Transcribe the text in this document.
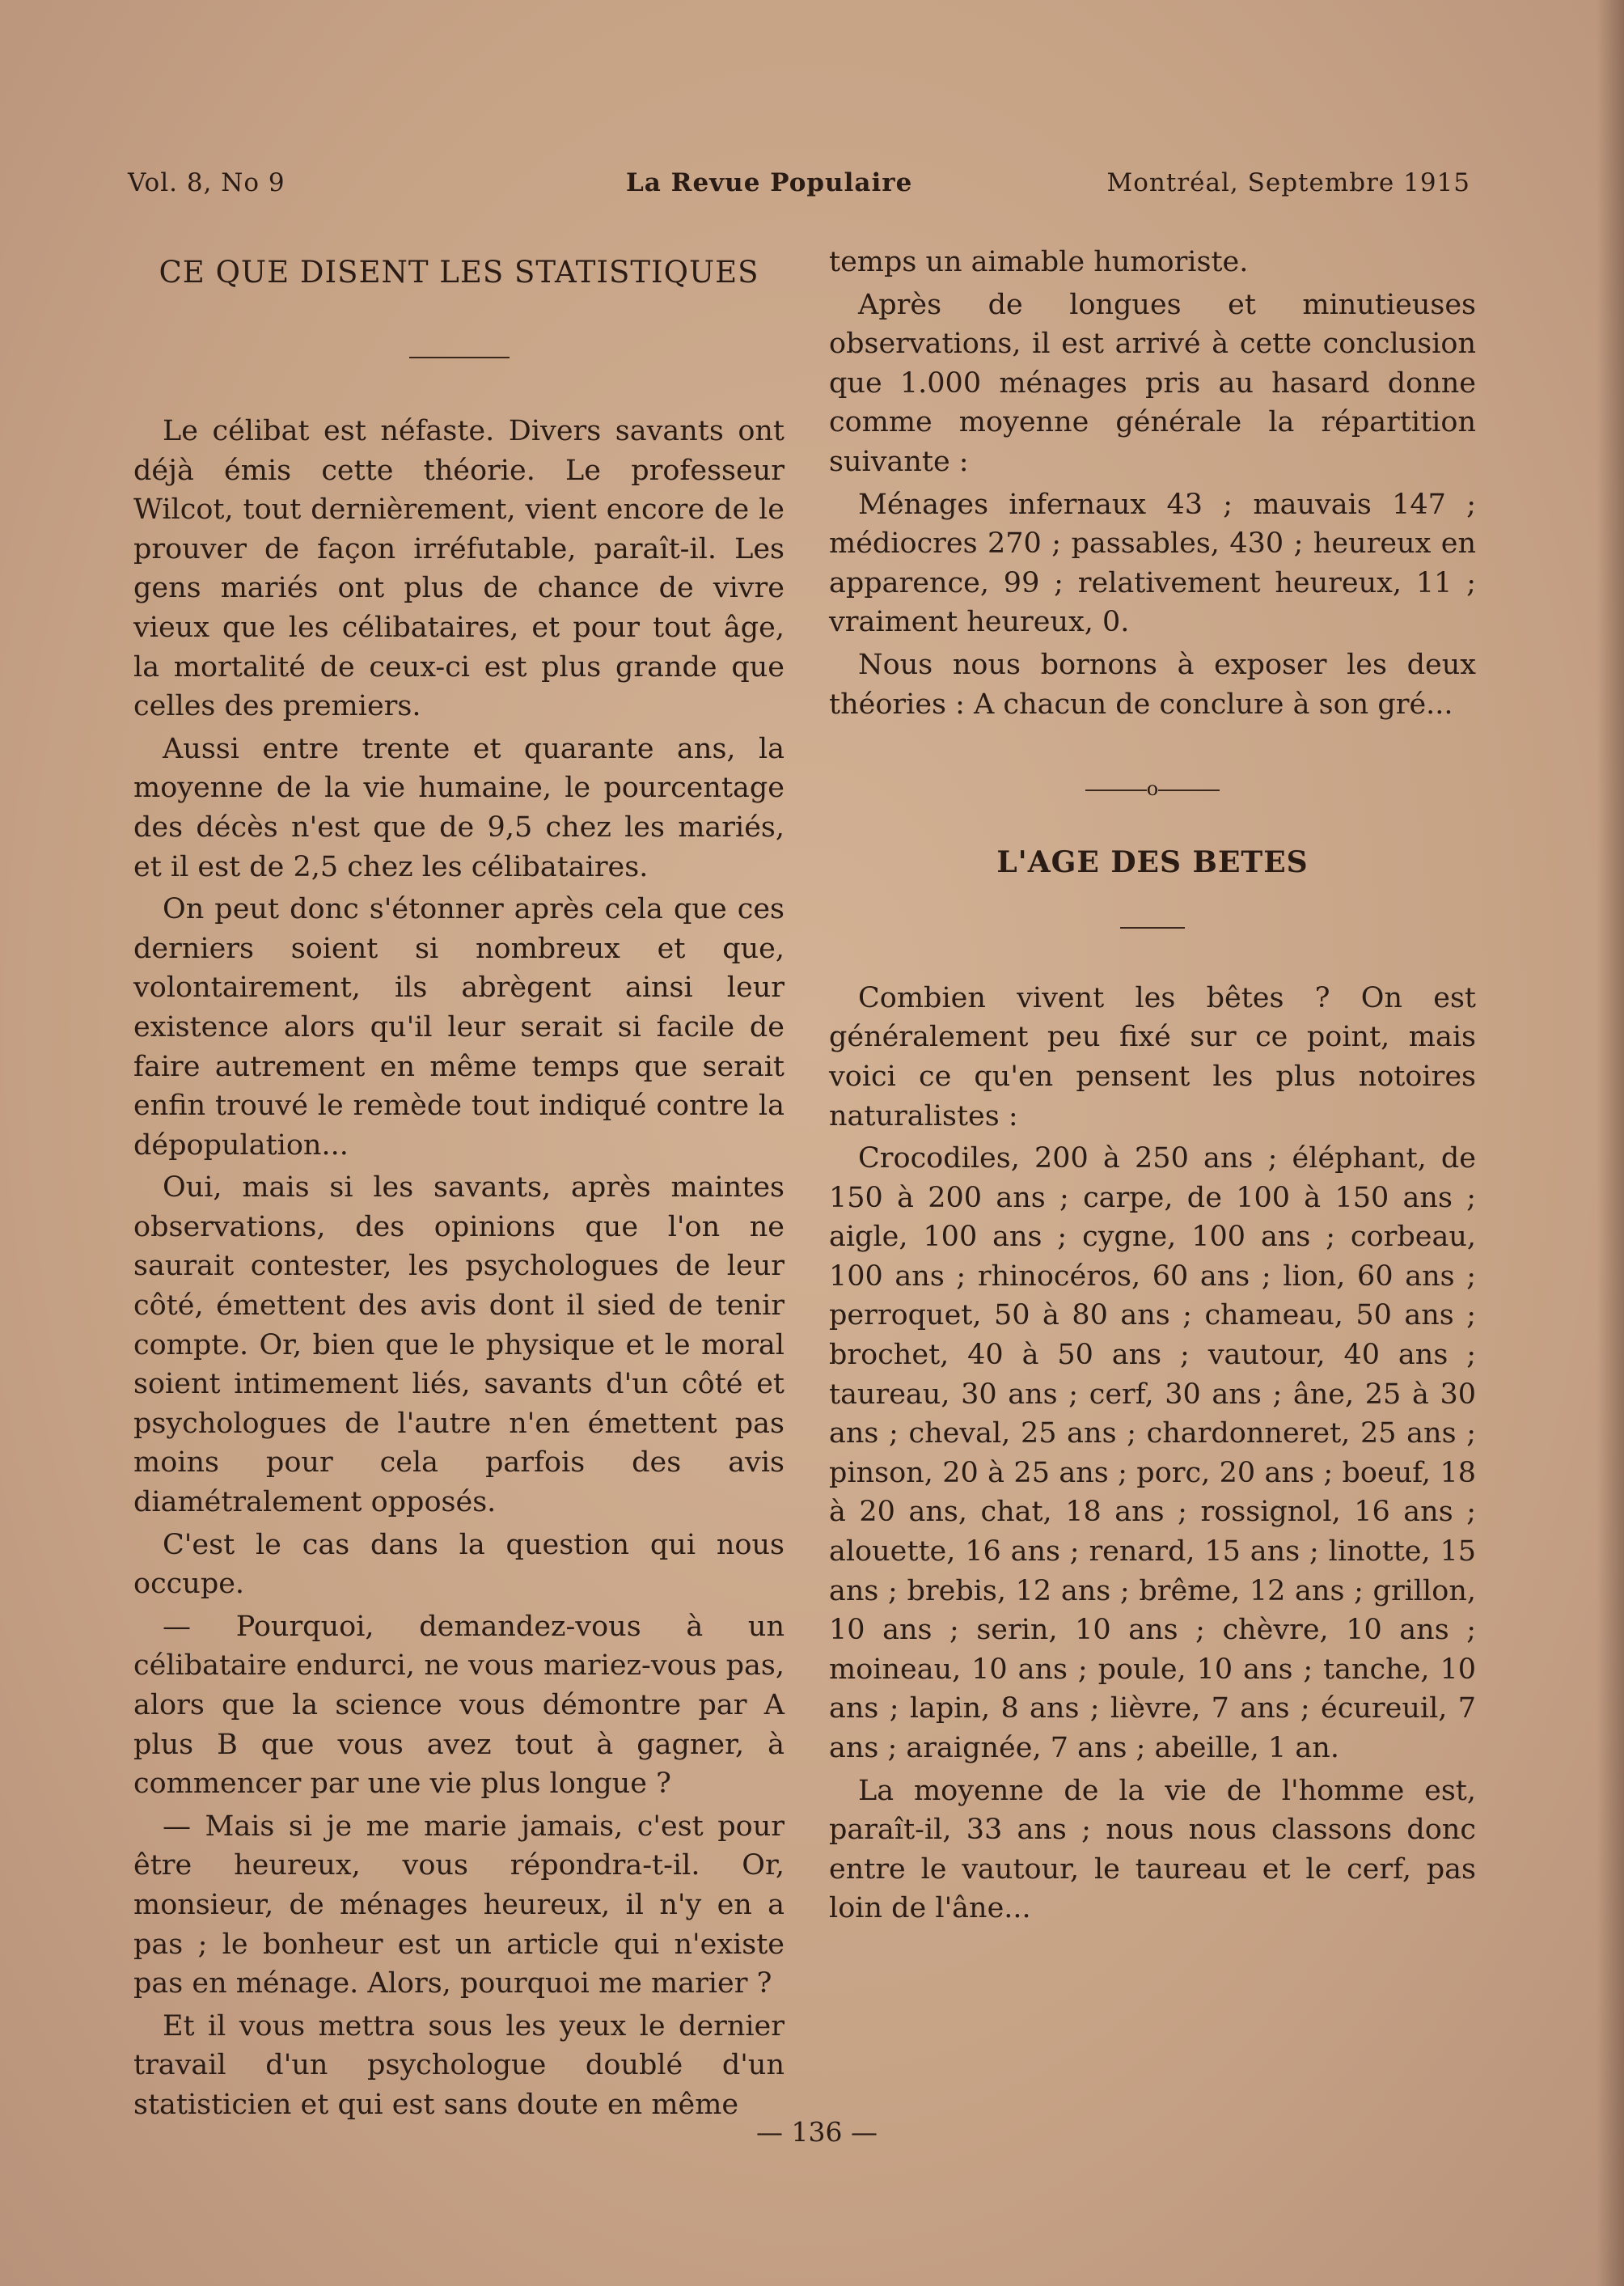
Vol. 8, No 9	La Revue Populaire	Montréal, Septembre 1915
CE QUE DISENT LES STATISTIQUES

Le célibat est néfaste. Divers savants ont déjà émis cette théorie. Le professeur Wilcot, tout dernièrement, vient encore de le prouver de façon irréfutable, paraît-il. Les gens mariés ont plus de chance de vivre vieux que les célibataires, et pour tout âge, la mortalité de ceux-ci est plus grande que celles des premiers.

Aussi entre trente et quarante ans, la moyenne de la vie humaine, le pourcentage des décès n'est que de 9,5 chez les mariés, et il est de 2,5 chez les célibataires.

On peut donc s'étonner après cela que ces derniers soient si nombreux et que, volontairement, ils abrègent ainsi leur existence alors qu'il leur serait si facile de faire autrement en même temps que serait enfin trouvé le remède tout indiqué contre la dépopulation...

Oui, mais si les savants, après maintes observations, des opinions que l'on ne saurait contester, les psychologues de leur côté, émettent des avis dont il sied de tenir compte. Or, bien que le physique et le moral soient intimement liés, savants d'un côté et psychologues de l'autre n'en émettent pas moins pour cela parfois des avis diamétralement opposés.

C'est le cas dans la question qui nous occupe.

— Pourquoi, demandez-vous à un célibataire endurci, ne vous mariez-vous pas, alors que la science vous démontre par A plus B que vous avez tout à gagner, à commencer par une vie plus longue ?

— Mais si je me marie jamais, c'est pour être heureux, vous répondra-t-il. Or, monsieur, de ménages heureux, il n'y en a pas ; le bonheur est un article qui n'existe pas en ménage. Alors, pourquoi me marier ?

Et il vous mettra sous les yeux le dernier travail d'un psychologue doublé d'un statisticien et qui est sans doute en même

temps un aimable humoriste.

Après de longues et minutieuses observations, il est arrivé à cette conclusion que 1.000 ménages pris au hasard donne comme moyenne générale la répartition suivante :

Ménages infernaux 43 ; mauvais 147 ; médiocres 270 ; passables, 430 ; heureux en apparence, 99 ; relativement heureux, 11 ; vraiment heureux, 0.

Nous nous bornons à exposer les deux théories : A chacun de conclure à son gré...

o
L'AGE DES BETES

Combien vivent les bêtes ? On est généralement peu fixé sur ce point, mais voici ce qu'en pensent les plus notoires naturalistes :

Crocodiles, 200 à 250 ans ; éléphant, de 150 à 200 ans ; carpe, de 100 à 150 ans ; aigle, 100 ans ; cygne, 100 ans ; corbeau, 100 ans ; rhinocéros, 60 ans ; lion, 60 ans ; perroquet, 50 à 80 ans ; chameau, 50 ans ; brochet, 40 à 50 ans ; vautour, 40 ans ; taureau, 30 ans ; cerf, 30 ans ; âne, 25 à 30 ans ; cheval, 25 ans ; chardonneret, 25 ans ; pinson, 20 à 25 ans ; porc, 20 ans ; boeuf, 18 à 20 ans, chat, 18 ans ; rossignol, 16 ans ; alouette, 16 ans ; renard, 15 ans ; linotte, 15 ans ; brebis, 12 ans ; brême, 12 ans ; grillon, 10 ans ; serin, 10 ans ; chèvre, 10 ans ; moineau, 10 ans ; poule, 10 ans ; tanche, 10 ans ; lapin, 8 ans ; lièvre, 7 ans ; écureuil, 7 ans ; araignée, 7 ans ; abeille, 1 an.

La moyenne de la vie de l'homme est, paraît-il, 33 ans ; nous nous classons donc entre le vautour, le taureau et le cerf, pas loin de l'âne...

— 136 —
